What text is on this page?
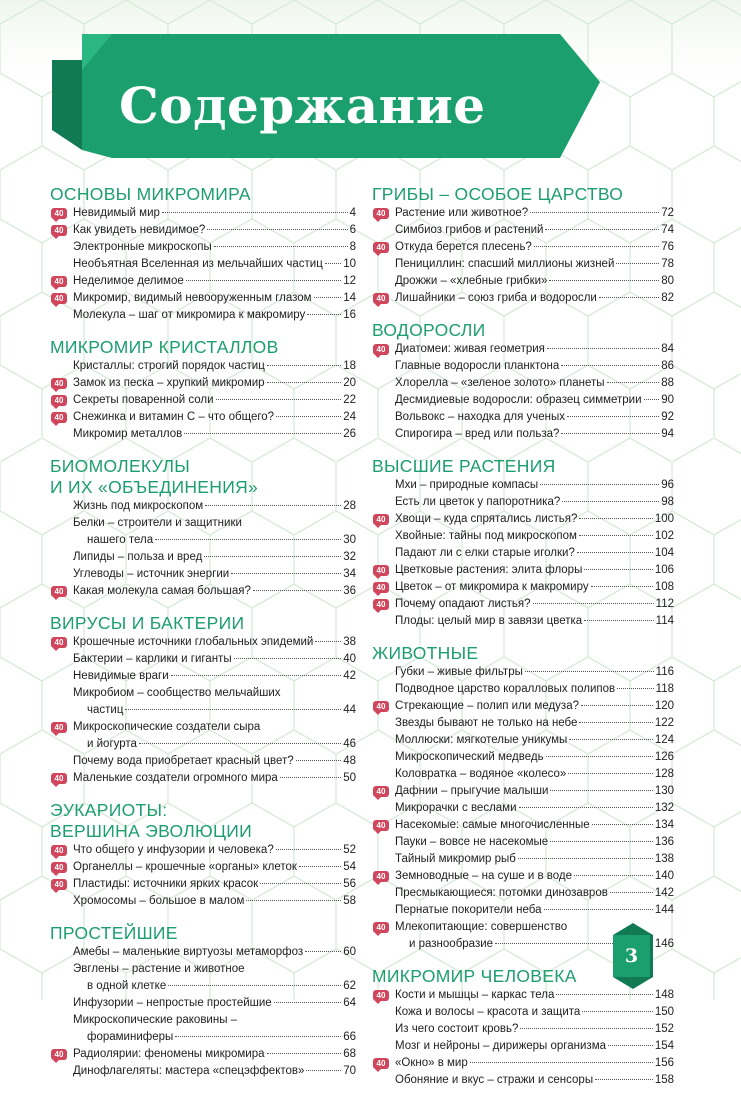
Содержание
ОСНОВЫ МИКРОМИРА
40 Невидимый мир	4
40 Как увидеть невидимое?	6
Электронные микроскопы	8
Необъятная Вселенная из мельчайших частиц 10
40 Неделимое делимое	12
40 Микромир, видимый невооруженным глазом	14
Молекула – шаг от микромира к макромиру	16
МИКРОМИР КРИСТАЛЛОВ
Кристаллы: строгий порядок частиц	18
40 Замок из песка – хрупкий микромир	20
40 Секреты поваренной соли	22
40 Снежинка и витамин С – что общего?	24
Микромир металлов	26
БИОМОЛЕКУЛЫ
И ИХ «ОБЪЕДИНЕНИЯ»
Жизнь под микроскопом	28
Белки – строители и защитники
нашего тела	30
Липиды – польза и вред	32
Углеводы – источник энергии	34
40 Какая молекула самая большая?	36
ВИРУСЫ И БАКТЕРИИ
40 Крошечные источники глобальных эпидемий	38
Бактерии – карлики и гиганты	40
Невидимые враги	42
Микробиом – сообщество мельчайших
частиц	44
40 Микроскопические создатели сыра
и йогурта	46
Почему вода приобретает красный цвет?	48
40 Маленькие создатели огромного мира	50
ЭУКАРИОТЫ:
ВЕРШИНА ЭВОЛЮЦИИ
40 Что общего у инфузории и человека?	52
40 Органеллы – крошечные «органы» клеток	54
40 Пластиды: источники ярких красок	56
Хромосомы – большое в малом	58
ПРОСТЕЙШИЕ
Амебы – маленькие виртуозы метаморфоз	60
Эвглены – растение и животное
в одной клетке	62
Инфузории – непростые простейшие	64
Микроскопические раковины –
фораминиферы	66
40 Радиолярии: феномены микромира	68
Динофлагеляты: мастера «спецэффектов»	70
ГРИБЫ – ОСОБОЕ ЦАРСТВО
40 Растение или животное?	72
Симбиоз грибов и растений	74
40 Откуда берется плесень?	76
Пенициллин: спасший миллионы жизней	78
Дрожжи – «хлебные грибки»	80
40 Лишайники – союз гриба и водоросли	82
ВОДОРОСЛИ
40 Диатомеи: живая геометрия	84
Главные водоросли планктона	86
Хлорелла – «зеленое золото» планеты	88
Десмидиевые водоросли: образец симметрии 90
Вольвокс – находка для ученых	92
Спирогира – вред или польза?	94
ВЫСШИЕ РАСТЕНИЯ
Мхи – природные компасы	96
Есть ли цветок у папоротника?	98
40 Хвощи – куда спрятались листья?	100
Хвойные: тайны под микроскопом	102
Падают ли с елки старые иголки?	104
40 Цветковые растения: элита флоры	106
40 Цветок – от микромира к макромиру	108
40 Почему опадают листья?	112
Плоды: целый мир в завязи цветка	114
ЖИВОТНЫЕ
Губки – живые фильтры	116
Подводное царство коралловых полипов	118
40 Стрекающие – полип или медуза?	120
Звезды бывают не только на небе	122
Моллюски: мягкотелые уникумы	124
Микроскопический медведь	126
Коловратка – водяное «колесо»	128
40 Дафнии – прыгучие малыши	130
Микрорачки с веслами	132
40 Насекомые: самые многочисленные	134
Пауки – вовсе не насекомые	136
Тайный микромир рыб	138
40 Земноводные – на суше и в воде	140
Пресмыкающиеся: потомки динозавров	142
Пернатые покорители неба	144
40 Млекопитающие: совершенство
и разнообразие	146
МИКРОМИР ЧЕЛОВЕКА
40 Кости и мышцы – каркас тела	148
Кожа и волосы – красота и защита	150
Из чего состоит кровь?	152
Мозг и нейроны – дирижеры организма	154
40 «Окно» в мир	156
Обоняние и вкус – стражи и сенсоры	158
3
